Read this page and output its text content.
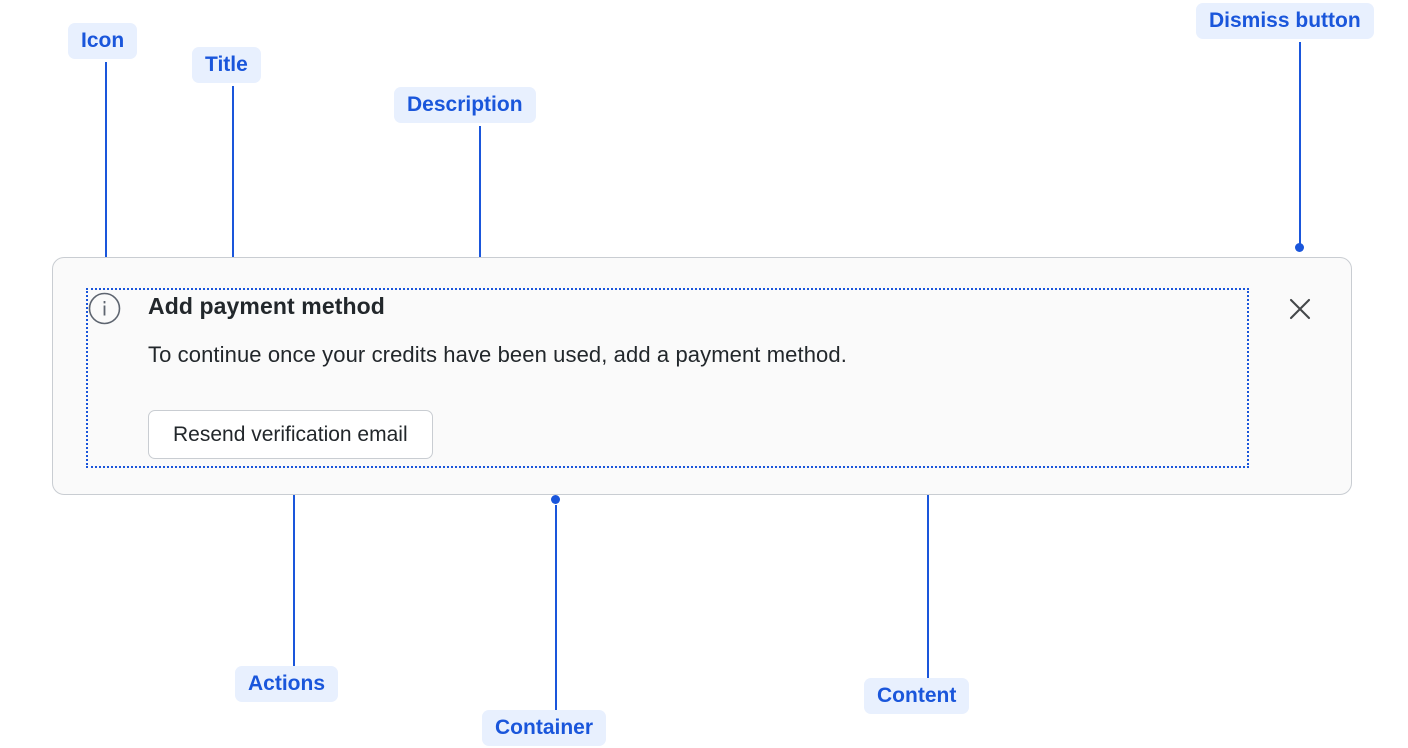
Icon
Title
Description
Dismiss button
Actions
Container
Content
Add payment method
To continue once your credits have been used, add a payment method.
Resend verification email
